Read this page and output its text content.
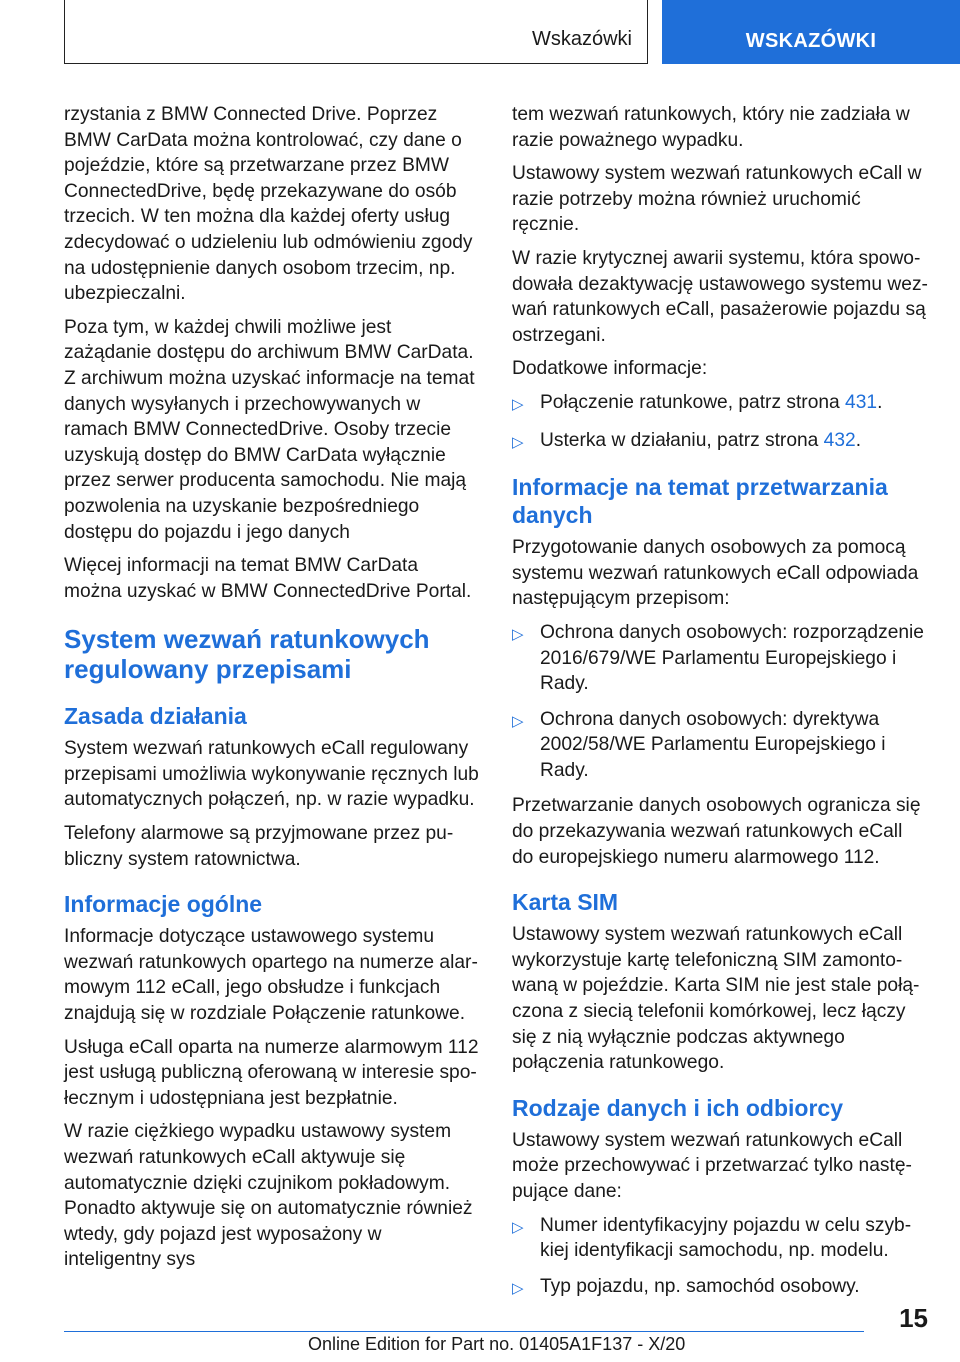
Wskazówki	WSKAZÓWKI

rzystania z BMW Connected Drive. Poprzez BMW CarData można kontrolować, czy dane o pojeździe, które są przetwarzane przez BMW ConnectedDrive, będę przekazywane do osób trzecich. W ten można dla każdej oferty usług zdecydować o udzieleniu lub odmówieniu zgody na udostępnienie danych osobom trzecim, np. ubezpieczalni.

Poza tym, w każdej chwili możliwe jest zażądanie dostępu do archiwum BMW CarData. Z archiwum można uzyskać informacje na temat danych wysyłanych i przechowywanych w ramach BMW ConnectedDrive. Osoby trzecie uzyskują dostęp do BMW CarData wyłącznie przez serwer producenta samochodu. Nie mają pozwolenia na uzyskanie bezpośredniego dostępu do pojazdu i jego danych

Więcej informacji na temat BMW CarData można uzyskać w BMW ConnectedDrive Portal.

System wezwań ratunkowych regulowany przepisami
Zasada działania

System wezwań ratunkowych eCall regulowany przepisami umożliwia wykonywanie ręcznych lub automatycznych połączeń, np. w razie wypadku.

Telefony alarmowe są przyjmowane przez publiczny system ratownictwa.

Informacje ogólne

Informacje dotyczące ustawowego systemu wezwań ratunkowych opartego na numerze alarmowym 112 eCall, jego obsłudze i funkcjach znajdują się w rozdziale Połączenie ratunkowe.

Usługa eCall oparta na numerze alarmowym 112 jest usługą publiczną oferowaną w interesie społecznym i udostępniana jest bezpłatnie.

W razie ciężkiego wypadku ustawowy system wezwań ratunkowych eCall aktywuje się automatycznie dzięki czujnikom pokładowym. Ponadto aktywuje się on automatycznie również wtedy, gdy pojazd jest wyposażony w inteligentny sys

tem wezwań ratunkowych, który nie zadziała w razie poważnego wypadku.

Ustawowy system wezwań ratunkowych eCall w razie potrzeby można również uruchomić ręcznie.

W razie krytycznej awarii systemu, która spowodowała dezaktywację ustawowego systemu wezwań ratunkowych eCall, pasażerowie pojazdu są ostrzegani.

Dodatkowe informacje:

▷ Połączenie ratunkowe, patrz strona 431.
▷ Usterka w działaniu, patrz strona 432.
Informacje na temat przetwarzania danych

Przygotowanie danych osobowych za pomocą systemu wezwań ratunkowych eCall odpowiada następującym przepisom:

▷ Ochrona danych osobowych: rozporządzenie 2016/679/WE Parlamentu Europejskiego i Rady.
▷ Ochrona danych osobowych: dyrektywa 2002/58/WE Parlamentu Europejskiego i Rady.

Przetwarzanie danych osobowych ogranicza się do przekazywania wezwań ratunkowych eCall do europejskiego numeru alarmowego 112.

Karta SIM

Ustawowy system wezwań ratunkowych eCall wykorzystuje kartę telefoniczną SIM zamontowaną w pojeździe. Karta SIM nie jest stale połączona z siecią telefonii komórkowej, lecz łączy się z nią wyłącznie podczas aktywnego połączenia ratunkowego.

Rodzaje danych i ich odbiorcy

Ustawowy system wezwań ratunkowych eCall może przechowywać i przetwarzać tylko następujące dane:

▷ Numer identyfikacyjny pojazdu w celu szybkiej identyfikacji samochodu, np. modelu.
▷ Typ pojazdu, np. samochód osobowy.
15
Online Edition for Part no. 01405A1F137 - X/20
